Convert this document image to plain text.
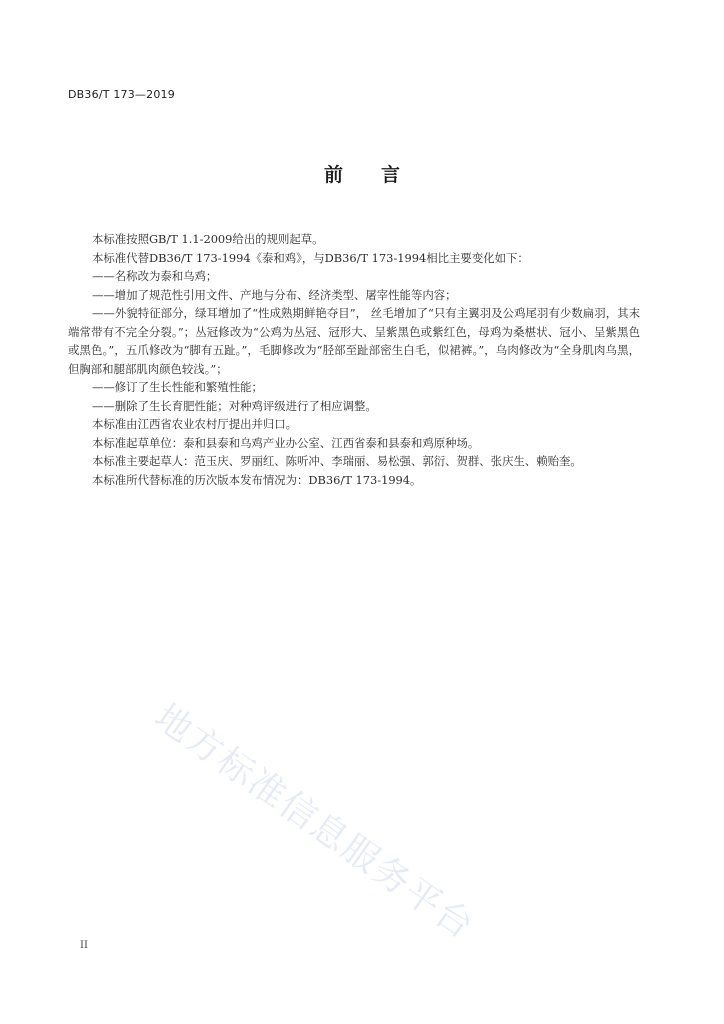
DB36/T 173—2019
前　　言

本标准按照GB/T 1.1-2009给出的规则起草。

本标准代替DB36/T 173-1994《泰和鸡》，与DB36/T 173-1994相比主要变化如下：

——名称改为泰和乌鸡；

——增加了规范性引用文件、产地与分布、经济类型、屠宰性能等内容；

——外貌特征部分，绿耳增加了“性成熟期鲜艳夺目”， 丝毛增加了“只有主翼羽及公鸡尾羽有少数扁羽，其末端常带有不完全分裂。”；丛冠修改为“公鸡为丛冠、冠形大、呈紫黑色或紫红色，母鸡为桑椹状、冠小、呈紫黑色或黑色。”，五爪修改为“脚有五趾。”，毛脚修改为“胫部至趾部密生白毛，似裙裤。”，乌肉修改为“全身肌肉乌黑，但胸部和腿部肌肉颜色较浅。”；

——修订了生长性能和繁殖性能；

——删除了生长育肥性能；对种鸡评级进行了相应调整。

本标准由江西省农业农村厅提出并归口。

本标准起草单位：泰和县泰和乌鸡产业办公室、江西省泰和县泰和鸡原种场。

本标准主要起草人：范玉庆、罗丽红、陈听冲、李瑞丽、易松强、郭衍、贺群、张庆生、赖贻奎。

本标准所代替标准的历次版本发布情况为：DB36/T 173-1994。

地方标准信息服务平台
II
